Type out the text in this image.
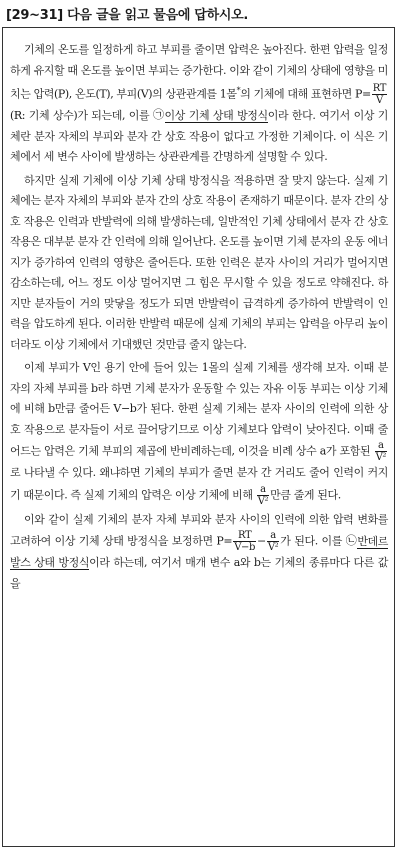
[29~31] 다음 글을 읽고 물음에 답하시오.

기체의 온도를 일정하게 하고 부피를 줄이면 압력은 높아진다. 한편 압력을 일정하게 유지할 때 온도를 높이면 부피는 증가한다. 이와 같이 기체의 상태에 영향을 미치는 압력(P), 온도(T), 부피(V)의 상관관계를 1몰*의 기체에 대해 표현하면 $P= \frac{RT}{V}$
(R: 기체 상수)가 되는데, 이를 ㉠이상 기체 상태 방정식이라 한다. 여기서 이상 기체란 분자 자체의 부피와 분자 간 상호 작용이 없다고 가정한 기체이다. 이 식은 기체에서 세 변수 사이에 발생하는 상관관계를 간명하게 설명할 수 있다.

하지만 실제 기체에 이상 기체 상태 방정식을 적용하면 잘 맞지 않는다. 실제 기체에는 분자 자체의 부피와 분자 간의 상호 작용이 존재하기 때문이다. 분자 간의 상호 작용은 인력과 반발력에 의해 발생하는데, 일반적인 기체 상태에서 분자 간 상호 작용은 대부분 분자 간 인력에 의해 일어난다. 온도를 높이면 기체 분자의 운동 에너지가 증가하여 인력의 영향은 줄어든다. 또한 인력은 분자 사이의 거리가 멀어지면 감소하는데, 어느 정도 이상 멀어지면 그 힘은 무시할 수 있을 정도로 약해진다. 하지만 분자들이 거의 맞닿을 정도가 되면 반발력이 급격하게 증가하여 반발력이 인력을 압도하게 된다. 이러한 반발력 때문에 실제 기체의 부피는 압력을 아무리 높이더라도 이상 기체에서 기대했던 것만큼 줄지 않는다.

이제 부피가 V인 용기 안에 들어 있는 1몰의 실제 기체를 생각해 보자. 이때 분자의 자체 부피를 b라 하면 기체 분자가 운동할 수 있는 자유 이동 부피는 이상 기체에 비해 b만큼 줄어든 V−b가 된다. 한편 실제 기체는 분자 사이의 인력에 의한 상호 작용으로 분자들이 서로 끌어당기므로 이상 기체보다 압력이 낮아진다. 이때 줄어드는 압력은 기체 부피의 제곱에 반비례하는데, 이것을 비례 상수 a가 포함된 $\frac{a}{\text{V²}}$
로 나타낼 수 있다. 왜냐하면 기체의 부피가 줄면 분자 간 거리도 줄어 인력이 커지기 때문이다. 즉 실제 기체의 압력은 이상 기체에 비해 $\frac{a}{\text{V²}}$ 만큼 줄게 된다.

이와 같이 실제 기체의 분자 자체 부피와 분자 사이의 인력에 의한 압력 변화를 고려하여 이상 기체 상태 방정식을 보정하면 $P= \frac{RT}{V-b} - \frac{a}{\text{V²}}$ 가 된다. 이를 ㉡반데르발스 상태 방정식이라 하는데, 여기서 매개 변수 a와 b는 기체의 종류마다 다른 값을
